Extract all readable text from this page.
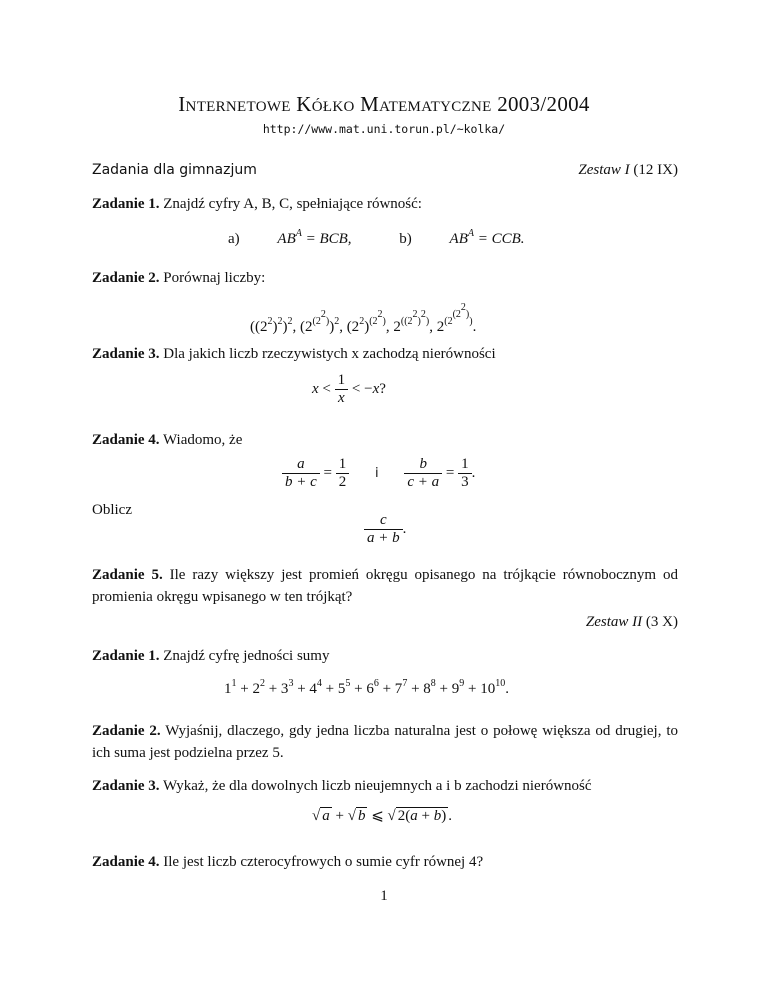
Internetowe Kółko Matematyczne 2003/2004
http://www.mat.uni.torun.pl/~kolka/
Zadania dla gimnazjum	Zestaw I (12 IX)
Zadanie 1. Znajdź cyfry A, B, C, spełniające równość:
a)	$AB^A$ = BCB,	b)	$AB^A$ = CCB.
Zadanie 2. Porównaj liczby:
$((2^2)^2)^2$, $(2^{(2^2)})^2$, $(2^2)^{(2^2)}$, $2^{((2^2)^2)}$, $2^{(2^{(2^2)})}$.
Zadanie 3. Dla jakich liczb rzeczywistych x zachodzą nierówności
$x < \frac{1}{x} < -x$?
Zadanie 4. Wiadomo, że
$\frac{a}{b + c} = \frac{1}{2}$ i $\frac{b}{c + a} = \frac{1}{3}$ .
Oblicz
$\frac{c}{a + b}$ .
Zadanie 5. Ile razy większy jest promień okręgu opisanego na trójkącie równobocznym od promienia okręgu wpisanego w ten trójkąt?
Zestaw II (3 X)
Zadanie 1. Znajdź cyfrę jedności sumy
$1^1 + 2^2 + 3^3 + 4^4 + 5^5 + 6^6 + 7^7 + 8^8 + 9^9 + 10^{10}$.
Zadanie 2. Wyjaśnij, dlaczego, gdy jedna liczba naturalna jest o połowę większa od drugiej, to ich suma jest podzielna przez 5.
Zadanie 3. Wykaż, że dla dowolnych liczb nieujemnych a i b zachodzi nierówność
√ a + √ b ⩽ √ 2(a + b) .
Zadanie 4. Ile jest liczb czterocyfrowych o sumie cyfr równej 4?
1
